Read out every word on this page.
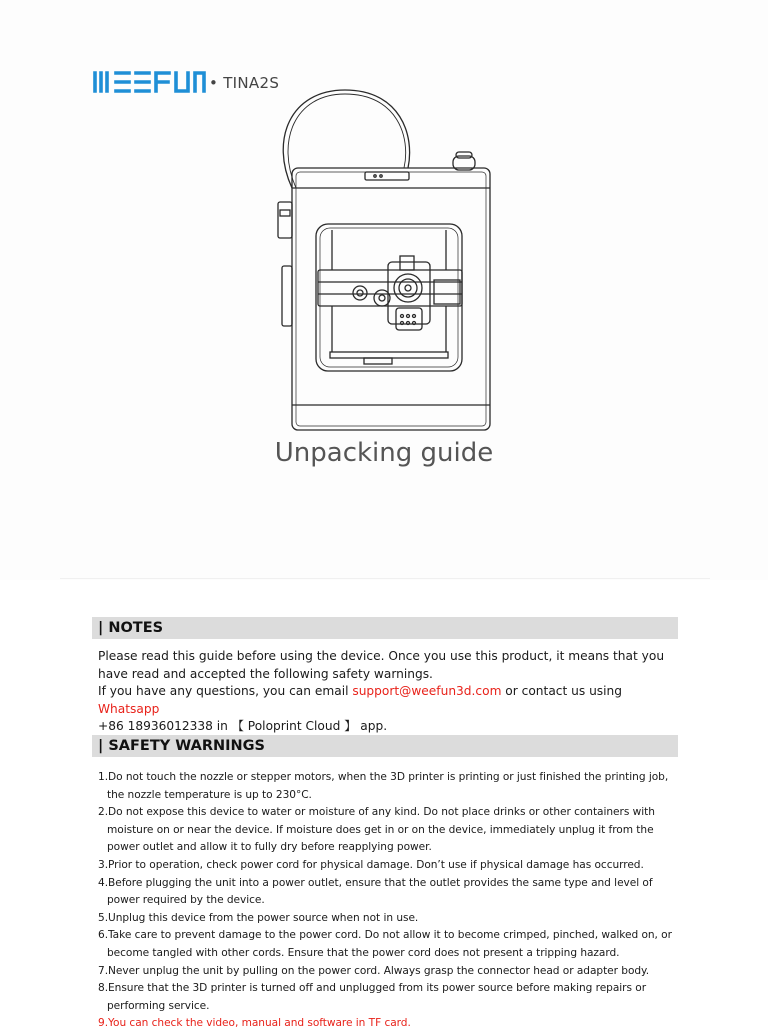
• TINA2S
Unpacking guide
| NOTES

Please read this guide before using the device. Once you use this product, it means that you have read and accepted the following safety warnings.

If you have any questions, you can email support@weefun3d.com or contact us using Whatsapp

+86 18936012338 in 【 Poloprint Cloud 】 app.

| SAFETY WARNINGS
1.Do not touch the nozzle or stepper motors, when the 3D printer is printing or just finished the printing job, the nozzle temperature is up to 230°C.
2.Do not expose this device to water or moisture of any kind. Do not place drinks or other containers with moisture on or near the device. If moisture does get in or on the device, immediately unplug it from the power outlet and allow it to fully dry before reapplying power.
3.Prior to operation, check power cord for physical damage. Don’t use if physical damage has occurred.
4.Before plugging the unit into a power outlet, ensure that the outlet provides the same type and level of power required by the device.
5.Unplug this device from the power source when not in use.
6.Take care to prevent damage to the power cord. Do not allow it to become crimped, pinched, walked on, or become tangled with other cords. Ensure that the power cord does not present a tripping hazard.
7.Never unplug the unit by pulling on the power cord. Always grasp the connector head or adapter body.
8.Ensure that the 3D printer is turned off and unplugged from its power source before making repairs or performing service.
9.You can check the video, manual and software in TF card.
